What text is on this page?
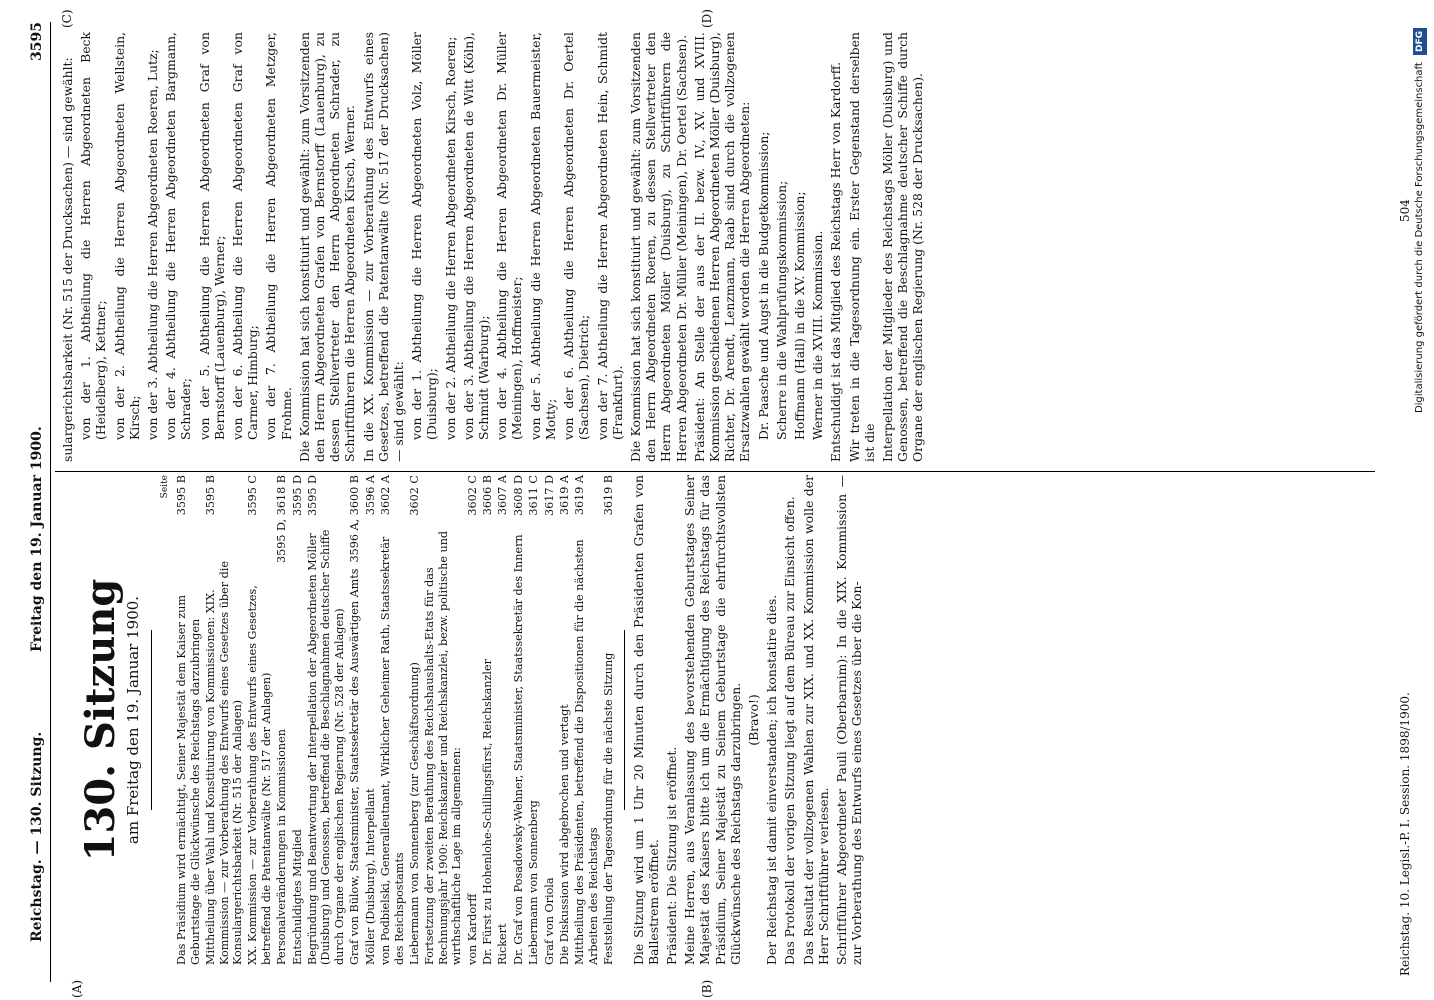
Reichstag. — 130. Sitzung.
Freitag den 19. Januar 1900.
3595
(A)	(B)
(C)	(D)
130. Sitzung am Freitag den 19. Januar 1900.
Seite
Das Präsidium wird ermächtigt, Seiner Majestät dem Kaiser zum Geburtstage die Glückwünsche des Reichstags darzubringen
3595 B
Mittheilung über Wahl und Konstituirung von Kommissionen: XIX. Kommission — zur Vorberathung des Entwurfs eines Gesetzes über die Konsulargerichtsbarkeit (Nr. 515 der Anlagen)
3595 B
XX. Kommission — zur Vorberathung des Entwurfs eines Gesetzes, betreffend die Patentanwälte (Nr. 517 der Anlagen)
3595 C
Personalveränderungen in Kommissionen
3595 D, 3618 B
Entschuldigtes Mitglied
3595 D
Begründung und Beantwortung der Interpellation der Abgeordneten Möller (Duisburg) und Genossen, betreffend die Beschlagnahmen deutscher Schiffe durch Organe der englischen Regierung (Nr. 528 der Anlagen)
3595 D
Graf von Bülow, Staatsminister, Staatssekretär des Auswärtigen Amts
3596 A, 3600 B
Möller (Duisburg), Interpellant
3596 A
von Podbielski, Generalleutnant, Wirklicher Geheimer Rath, Staatssekretär des Reichspostamts
3602 A
Liebermann von Sonnenberg (zur Geschäftsordnung)
3602 C
Fortsetzung der zweiten Berathung des Reichshaushalts-Etats für das Rechnungsjahr 1900: Reichskanzler und Reichskanzlei, bezw. politische und wirthschaftliche Lage im allgemeinen: von Kardorff
3602 C
Dr. Fürst zu Hohenlohe-Schillingsfürst, Reichskanzler
3606 B
Rickert
3607 A
Dr. Graf von Posadowsky-Wehner, Staatsminister, Staatssekretär des Innern
3608 D
Liebermann von Sonnenberg
3611 C
Graf von Oriola
3617 D
Die Diskussion wird abgebrochen und vertagt
3619 A
Mittheilung des Präsidenten, betreffend die Dispositionen für die nächsten Arbeiten des Reichstags
3619 A
Feststellung der Tagesordnung für die nächste Sitzung
3619 B Die Sitzung wird um 1 Uhr 20 Minuten durch den Präsidenten Grafen von Ballestrem eröffnet. Präsident: Die Sitzung ist eröffnet. Meine Herren, aus Veranlassung des bevorstehenden Geburtstages Seiner Majestät des Kaisers bitte ich um die Ermächtigung des Reichstags für das Präsidium, Seiner Majestät zu Seinem Geburtstage die ehrfurchtsvollsten Glückwünsche des Reichstags darzubringen. (Bravo!) Der Reichstag ist damit einverstanden; ich konstatire dies. Das Protokoll der vorigen Sitzung liegt auf dem Büreau zur Einsicht offen. Das Resultat der vollzogenen Wahlen zur XIX. und XX. Kommission wolle der Herr Schriftführer verlesen. Schriftführer Abgeordneter Pauli (Oberbarnim): In die XIX. Kommission — zur Vorberathung des Entwurfs eines Gesetzes über die Kon-

sulargerichtsbarkeit (Nr. 515 der Drucksachen) — sind gewählt: von der 1. Abtheilung die Herren Abgeordneten Beck (Heidelberg), Kettner; von der 2. Abtheilung die Herren Abgeordneten Wellstein, Kirsch; von der 3. Abtheilung die Herren Abgeordneten Roeren, Lutz; von der 4. Abtheilung die Herren Abgeordneten Bargmann, Schrader; von der 5. Abtheilung die Herren Abgeordneten Graf von Bernstorff (Lauenburg), Werner; von der 6. Abtheilung die Herren Abgeordneten Graf von Carmer, Himburg; von der 7. Abtheilung die Herren Abgeordneten Metzger, Frohme. Die Kommission hat sich konstituirt und gewählt: zum Vorsitzenden den Herrn Abgeordneten Grafen von Bernstorff (Lauenburg), zu dessen Stellvertreter den Herrn Abgeordneten Schrader, zu Schriftführern die Herren Abgeordneten Kirsch, Werner. In die XX. Kommission — zur Vorberathung des Entwurfs eines Gesetzes, betreffend die Patentanwälte (Nr. 517 der Drucksachen) — sind gewählt: von der 1. Abtheilung die Herren Abgeordneten Volz, Möller (Duisburg); von der 2. Abtheilung die Herren Abgeordneten Kirsch, Roeren; von der 3. Abtheilung die Herren Abgeordneten de Witt (Köln), Schmidt (Warburg); von der 4. Abtheilung die Herren Abgeordneten Dr. Müller (Meiningen), Hoffmeister; von der 5. Abtheilung die Herren Abgeordneten Bauermeister, Motty; von der 6. Abtheilung die Herren Abgeordneten Dr. Oertel (Sachsen), Dietrich; von der 7. Abtheilung die Herren Abgeordneten Hein, Schmidt (Frankfurt). Die Kommission hat sich konstituirt und gewählt: zum Vorsitzenden den Herrn Abgeordneten Roeren, zu dessen Stellvertreter den Herrn Abgeordneten Möller (Duisburg), zu Schriftführern die Herren Abgeordneten Dr. Müller (Meiningen), Dr. Oertel (Sachsen). Präsident: An Stelle der aus der II. bezw. IV., XV. und XVIII. Kommission geschiedenen Herren Abgeordneten Möller (Duisburg), Richter, Dr. Arendt, Lenzmann, Raab sind durch die vollzogenen Ersatzwahlen gewählt worden die Herren Abgeordneten: Dr. Paasche und Augst in die Budgetkommission; Scherre in die Wahlprüfungskommission; Hoffmann (Hall) in die XV. Kommission; Werner in die XVIII. Kommission. Entschuldigt ist das Mitglied des Reichstags Herr von Kardorff. Wir treten in die Tagesordnung ein. Erster Gegenstand derselben ist die Interpellation der Mitglieder des Reichstags Möller (Duisburg) und Genossen, betreffend die Beschlagnahme deutscher Schiffe durch Organe der englischen Regierung (Nr. 528 der Drucksachen).

Reichstag. 10. Legisl.-P. I. Session. 1898/1900.
504 Digitalisierung gefördert durch die Deutsche Forschungsgemeinschaft DFG
